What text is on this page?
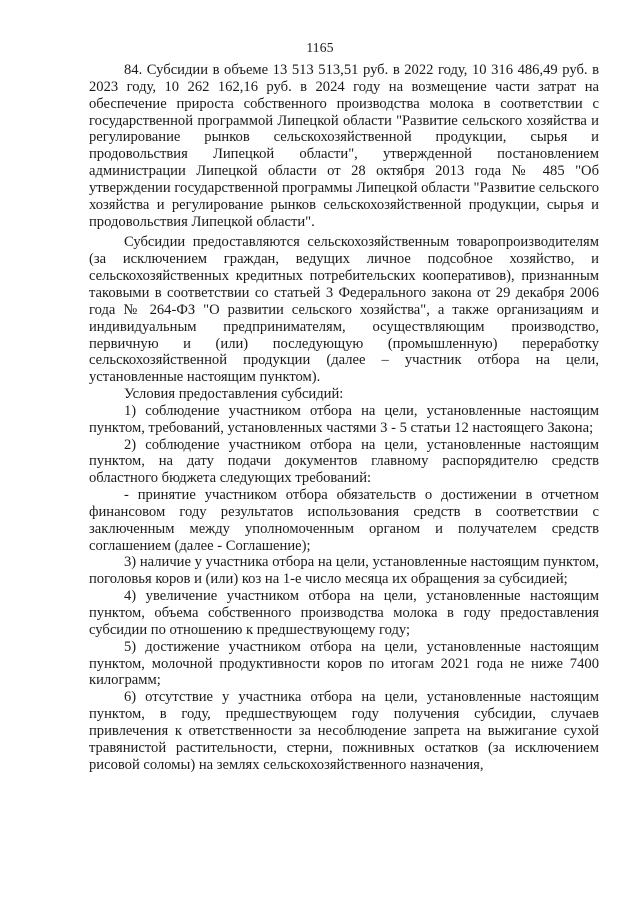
1165

84. Субсидии в объеме 13 513 513,51 руб. в 2022 году, 10 316 486,49 руб. в 2023 году, 10 262 162,16 руб. в 2024 году на возмещение части затрат на обеспечение прироста собственного производства молока в соответствии с государственной программой Липецкой области "Развитие сельского хозяйства и регулирование рынков сельскохозяйственной продукции, сырья и продовольствия Липецкой области", утвержденной постановлением администрации Липецкой области от 28 октября 2013 года № 485 "Об утверждении государственной программы Липецкой области "Развитие сельского хозяйства и регулирование рынков сельскохозяйственной продукции, сырья и продовольствия Липецкой области".

Субсидии предоставляются сельскохозяйственным товаропроизводителям (за исключением граждан, ведущих личное подсобное хозяйство, и сельскохозяйственных кредитных потребительских кооперативов), признанным таковыми в соответствии со статьей 3 Федерального закона от 29 декабря 2006 года № 264-ФЗ "О развитии сельского хозяйства", а также организациям и индивидуальным предпринимателям, осуществляющим производство, первичную и (или) последующую (промышленную) переработку сельскохозяйственной продукции (далее – участник отбора на цели, установленные настоящим пунктом).

Условия предоставления субсидий:

1) соблюдение участником отбора на цели, установленные настоящим пунктом, требований, установленных частями 3 - 5 статьи 12 настоящего Закона;

2) соблюдение участником отбора на цели, установленные настоящим пунктом, на дату подачи документов главному распорядителю средств областного бюджета следующих требований:

- принятие участником отбора обязательств о достижении в отчетном финансовом году результатов использования средств в соответствии с заключенным между уполномоченным органом и получателем средств соглашением (далее - Соглашение);

3) наличие у участника отбора на цели, установленные настоящим пунктом, поголовья коров и (или) коз на 1-е число месяца их обращения за субсидией;

4) увеличение участником отбора на цели, установленные настоящим пунктом, объема собственного производства молока в году предоставления субсидии по отношению к предшествующему году;

5) достижение участником отбора на цели, установленные настоящим пунктом, молочной продуктивности коров по итогам 2021 года не ниже 7400 килограмм;

6) отсутствие у участника отбора на цели, установленные настоящим пунктом, в году, предшествующем году получения субсидии, случаев привлечения к ответственности за несоблюдение запрета на выжигание сухой травянистой растительности, стерни, пожнивных остатков (за исключением рисовой соломы) на землях сельскохозяйственного назначения,
